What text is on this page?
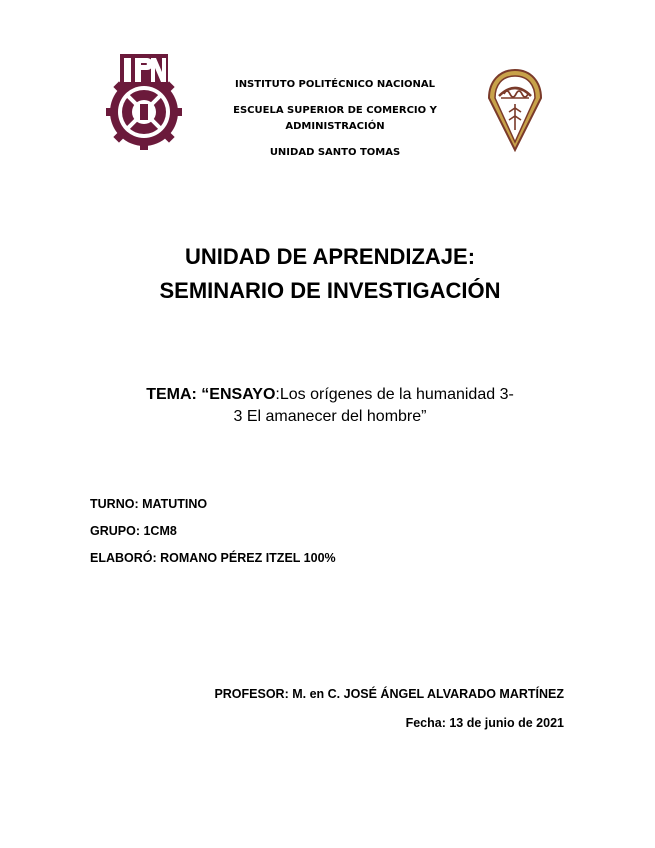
INSTITUTO POLITÉCNICO NACIONAL
ESCUELA SUPERIOR DE COMERCIO Y
ADMINISTRACIÓN
UNIDAD SANTO TOMAS
UNIDAD DE APRENDIZAJE:
SEMINARIO DE INVESTIGACIÓN
TEMA: “ENSAYO:Los orígenes de la humanidad 3-
3 El amanecer del hombre”
TURNO: MATUTINO
GRUPO: 1CM8
ELABORÓ: ROMANO PÉREZ ITZEL 100%
PROFESOR: M. en C. JOSÉ ÁNGEL ALVARADO MARTÍNEZ
Fecha: 13 de junio de 2021
